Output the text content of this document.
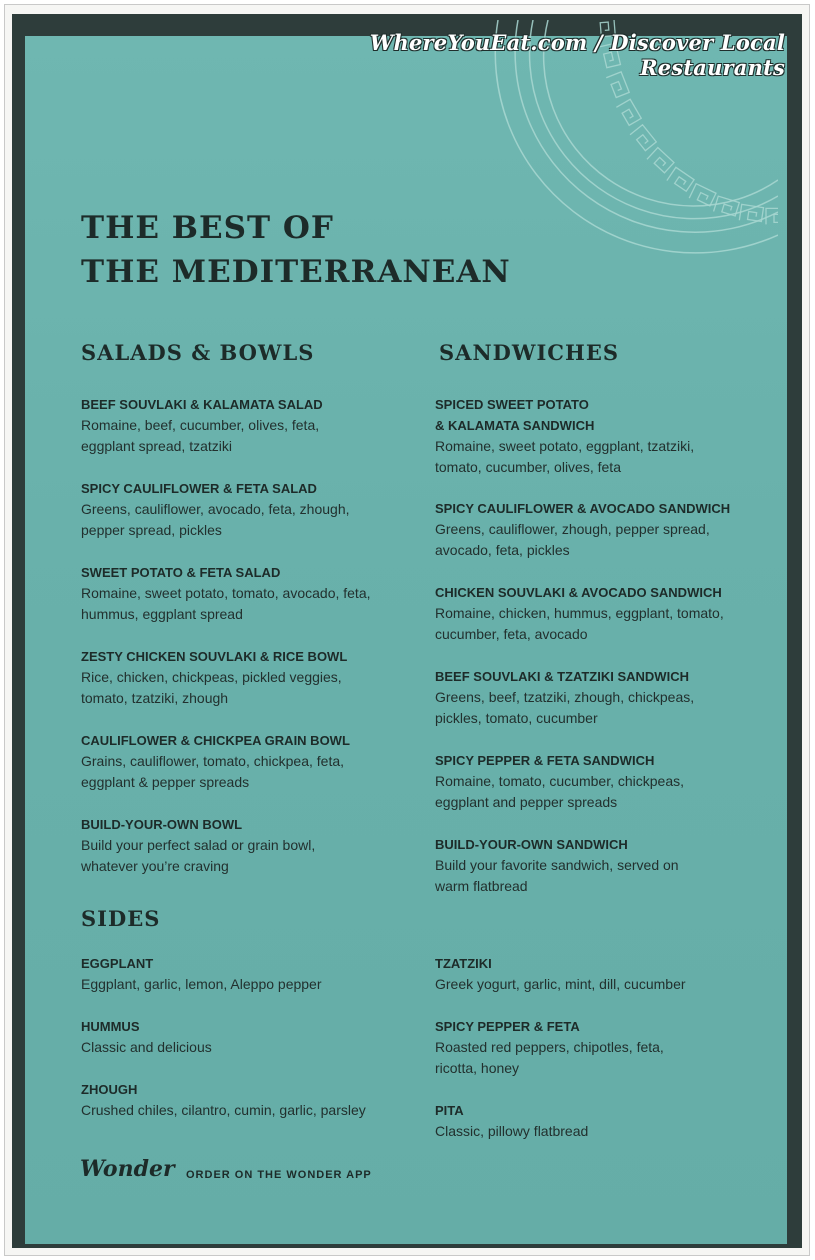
WhereYouEat.com / Discover Local Restaurants
THE BEST OF
THE MEDITERRANEAN
SALADS & BOWLS	SANDWICHES
SIDES
BEEF SOUVLAKI & KALAMATA SALAD
Romaine, beef, cucumber, olives, feta,
eggplant spread, tzatziki
SPICY CAULIFLOWER & FETA SALAD
Greens, cauliflower, avocado, feta, zhough,
pepper spread, pickles
SWEET POTATO & FETA SALAD
Romaine, sweet potato, tomato, avocado, feta,
hummus, eggplant spread
ZESTY CHICKEN SOUVLAKI & RICE BOWL
Rice, chicken, chickpeas, pickled veggies,
tomato, tzatziki, zhough
CAULIFLOWER & CHICKPEA GRAIN BOWL
Grains, cauliflower, tomato, chickpea, feta,
eggplant & pepper spreads
BUILD-YOUR-OWN BOWL
Build your perfect salad or grain bowl,
whatever you’re craving
SPICED SWEET POTATO
& KALAMATA SANDWICH
Romaine, sweet potato, eggplant, tzatziki,
tomato, cucumber, olives, feta
SPICY CAULIFLOWER & AVOCADO SANDWICH
Greens, cauliflower, zhough, pepper spread,
avocado, feta, pickles
CHICKEN SOUVLAKI & AVOCADO SANDWICH
Romaine, chicken, hummus, eggplant, tomato,
cucumber, feta, avocado
BEEF SOUVLAKI & TZATZIKI SANDWICH
Greens, beef, tzatziki, zhough, chickpeas,
pickles, tomato, cucumber
SPICY PEPPER & FETA SANDWICH
Romaine, tomato, cucumber, chickpeas,
eggplant and pepper spreads
BUILD-YOUR-OWN SANDWICH
Build your favorite sandwich, served on
warm flatbread
EGGPLANT
Eggplant, garlic, lemon, Aleppo pepper
HUMMUS
Classic and delicious
ZHOUGH
Crushed chiles, cilantro, cumin, garlic, parsley
TZATZIKI
Greek yogurt, garlic, mint, dill, cucumber
SPICY PEPPER & FETA
Roasted red peppers, chipotles, feta,
ricotta, honey
PITA
Classic, pillowy flatbread
Wonder ORDER ON THE WONDER APP
